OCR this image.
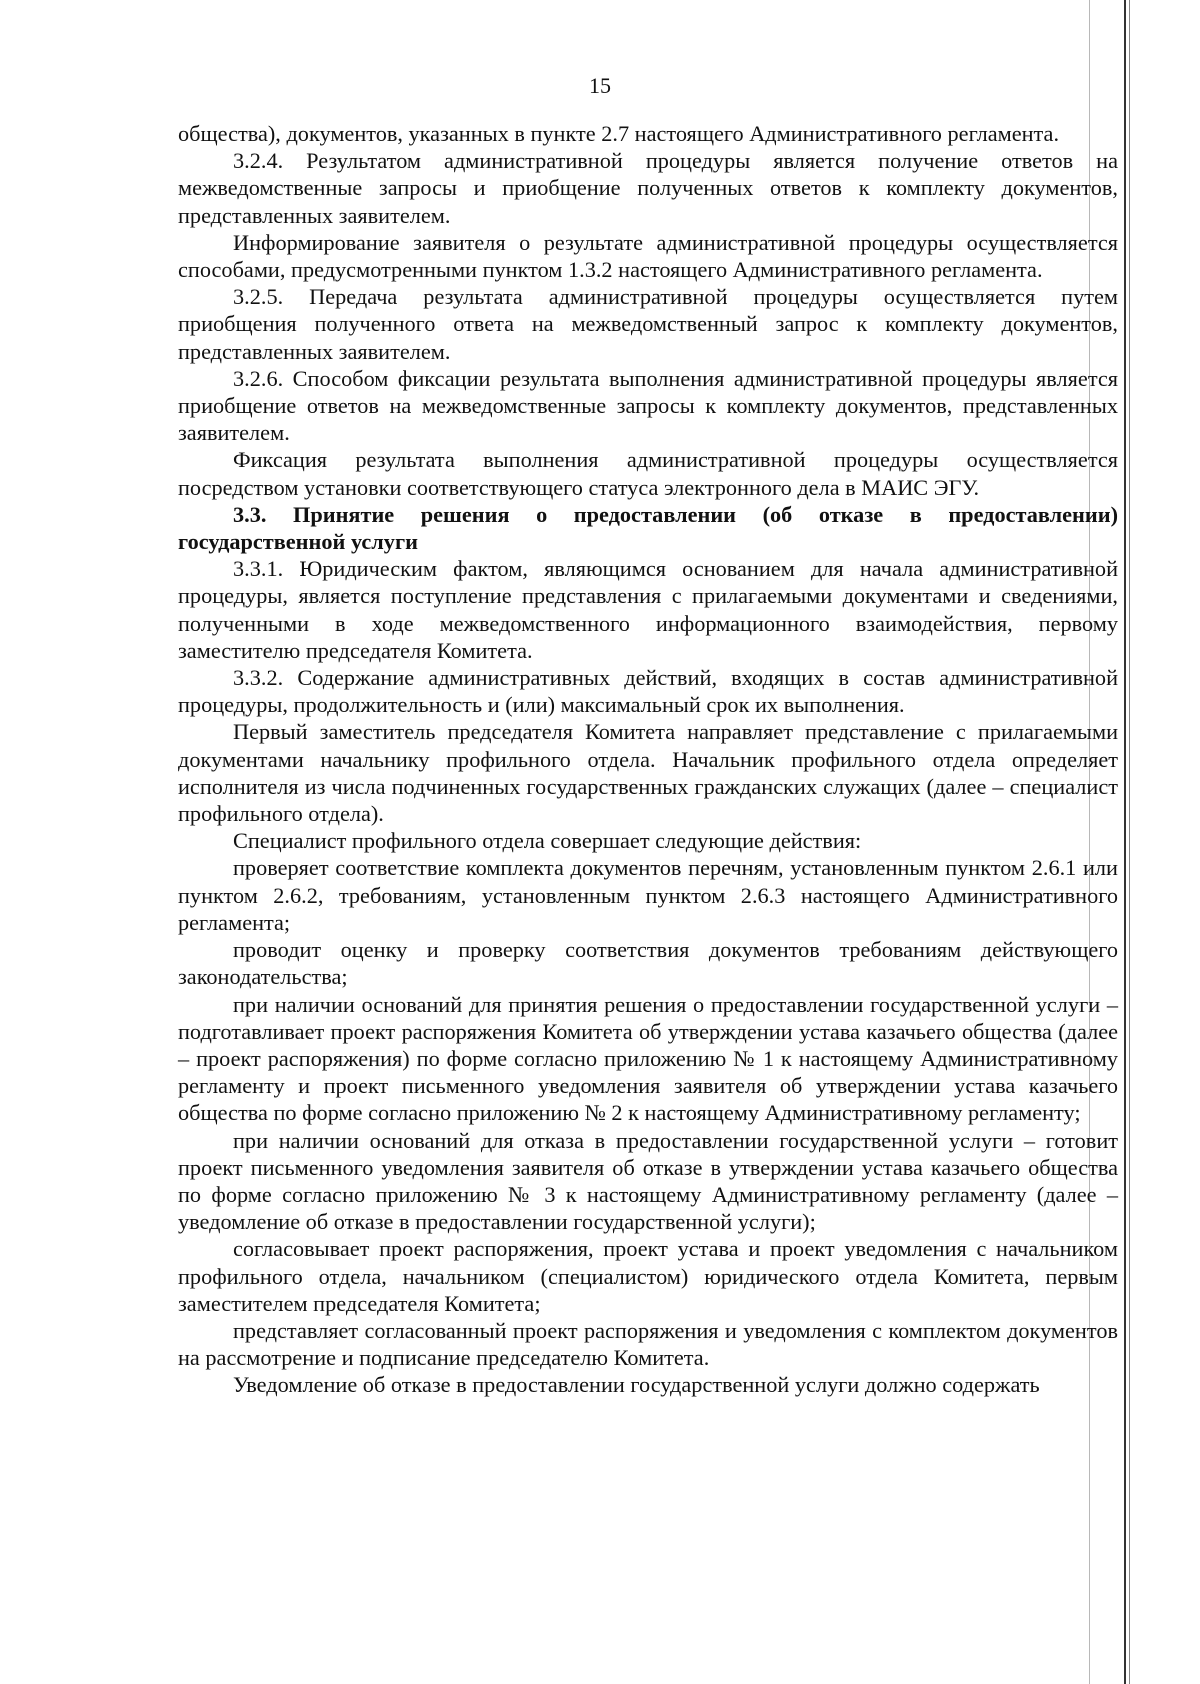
15

общества), документов, указанных в пункте 2.7 настоящего Административного регламента.

3.2.4. Результатом административной процедуры является получение ответов на межведомственные запросы и приобщение полученных ответов к комплекту документов, представленных заявителем.

Информирование заявителя о результате административной процедуры осуществляется способами, предусмотренными пунктом 1.3.2 настоящего Административного регламента.

3.2.5. Передача результата административной процедуры осуществляется путем приобщения полученного ответа на межведомственный запрос к комплекту документов, представленных заявителем.

3.2.6. Способом фиксации результата выполнения административной процедуры является приобщение ответов на межведомственные запросы к комплекту документов, представленных заявителем.

Фиксация результата выполнения административной процедуры осуществляется посредством установки соответствующего статуса электронного дела в МАИС ЭГУ.

3.3. Принятие решения о предоставлении (об отказе в предоставлении) государственной услуги

3.3.1. Юридическим фактом, являющимся основанием для начала административной процедуры, является поступление представления с прилагаемыми документами и сведениями, полученными в ходе межведомственного информационного взаимодействия, первому заместителю председателя Комитета.

3.3.2. Содержание административных действий, входящих в состав административной процедуры, продолжительность и (или) максимальный срок их выполнения.

Первый заместитель председателя Комитета направляет представление с прилагаемыми документами начальнику профильного отдела. Начальник профильного отдела определяет исполнителя из числа подчиненных государственных гражданских служащих (далее – специалист профильного отдела).

Специалист профильного отдела совершает следующие действия:

проверяет соответствие комплекта документов перечням, установленным пунктом 2.6.1 или пунктом 2.6.2, требованиям, установленным пунктом 2.6.3 настоящего Административного регламента;

проводит оценку и проверку соответствия документов требованиям действующего законодательства;

при наличии оснований для принятия решения о предоставлении государственной услуги – подготавливает проект распоряжения Комитета об утверждении устава казачьего общества (далее – проект распоряжения) по форме согласно приложению № 1 к настоящему Административному регламенту и проект письменного уведомления заявителя об утверждении устава казачьего общества по форме согласно приложению № 2 к настоящему Административному регламенту;

при наличии оснований для отказа в предоставлении государственной услуги – готовит проект письменного уведомления заявителя об отказе в утверждении устава казачьего общества по форме согласно приложению № 3 к настоящему Административному регламенту (далее – уведомление об отказе в предоставлении государственной услуги);

согласовывает проект распоряжения, проект устава и проект уведомления с начальником профильного отдела, начальником (специалистом) юридического отдела Комитета, первым заместителем председателя Комитета;

представляет согласованный проект распоряжения и уведомления с комплектом документов на рассмотрение и подписание председателю Комитета.

Уведомление об отказе в предоставлении государственной услуги должно содержать
